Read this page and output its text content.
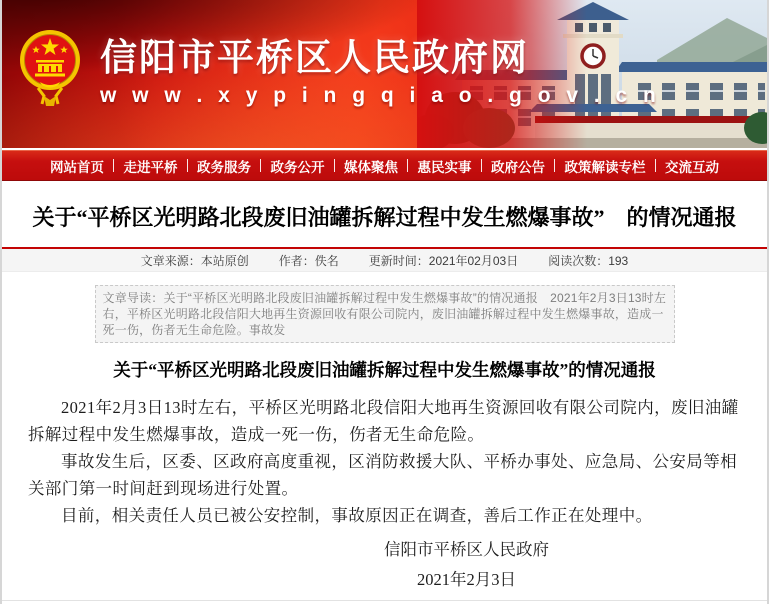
信阳市平桥区人民政府网
w w w . x y p i n g q i a o . g o v . c n
网站首页 走进平桥 政务服务 政务公开 媒体聚焦 惠民实事 政府公告 政策解读专栏 交流互动
关于“平桥区光明路北段废旧油罐拆解过程中发生燃爆事故”　的情况通报
文章来源：本站原创	作者：佚名	更新时间：2021年02月03日	阅读次数：193
文章导读：关于“平桥区光明路北段废旧油罐拆解过程中发生燃爆事故”的情况通报　2021年2月3日13时左右，平桥区光明路北段信阳大地再生资源回收有限公司院内，废旧油罐拆解过程中发生燃爆事故，造成一死一伤，伤者无生命危险。事故发
关于“平桥区光明路北段废旧油罐拆解过程中发生燃爆事故”的情况通报

2021年2月3日13时左右，平桥区光明路北段信阳大地再生资源回收有限公司院内，废旧油罐拆解过程中发生燃爆事故，造成一死一伤，伤者无生命危险。

事故发生后，区委、区政府高度重视，区消防救援大队、平桥办事处、应急局、公安局等相关部门第一时间赶到现场进行处置。

目前，相关责任人员已被公安控制，事故原因正在调查，善后工作正在处理中。

信阳市平桥区人民政府
2021年2月3日
